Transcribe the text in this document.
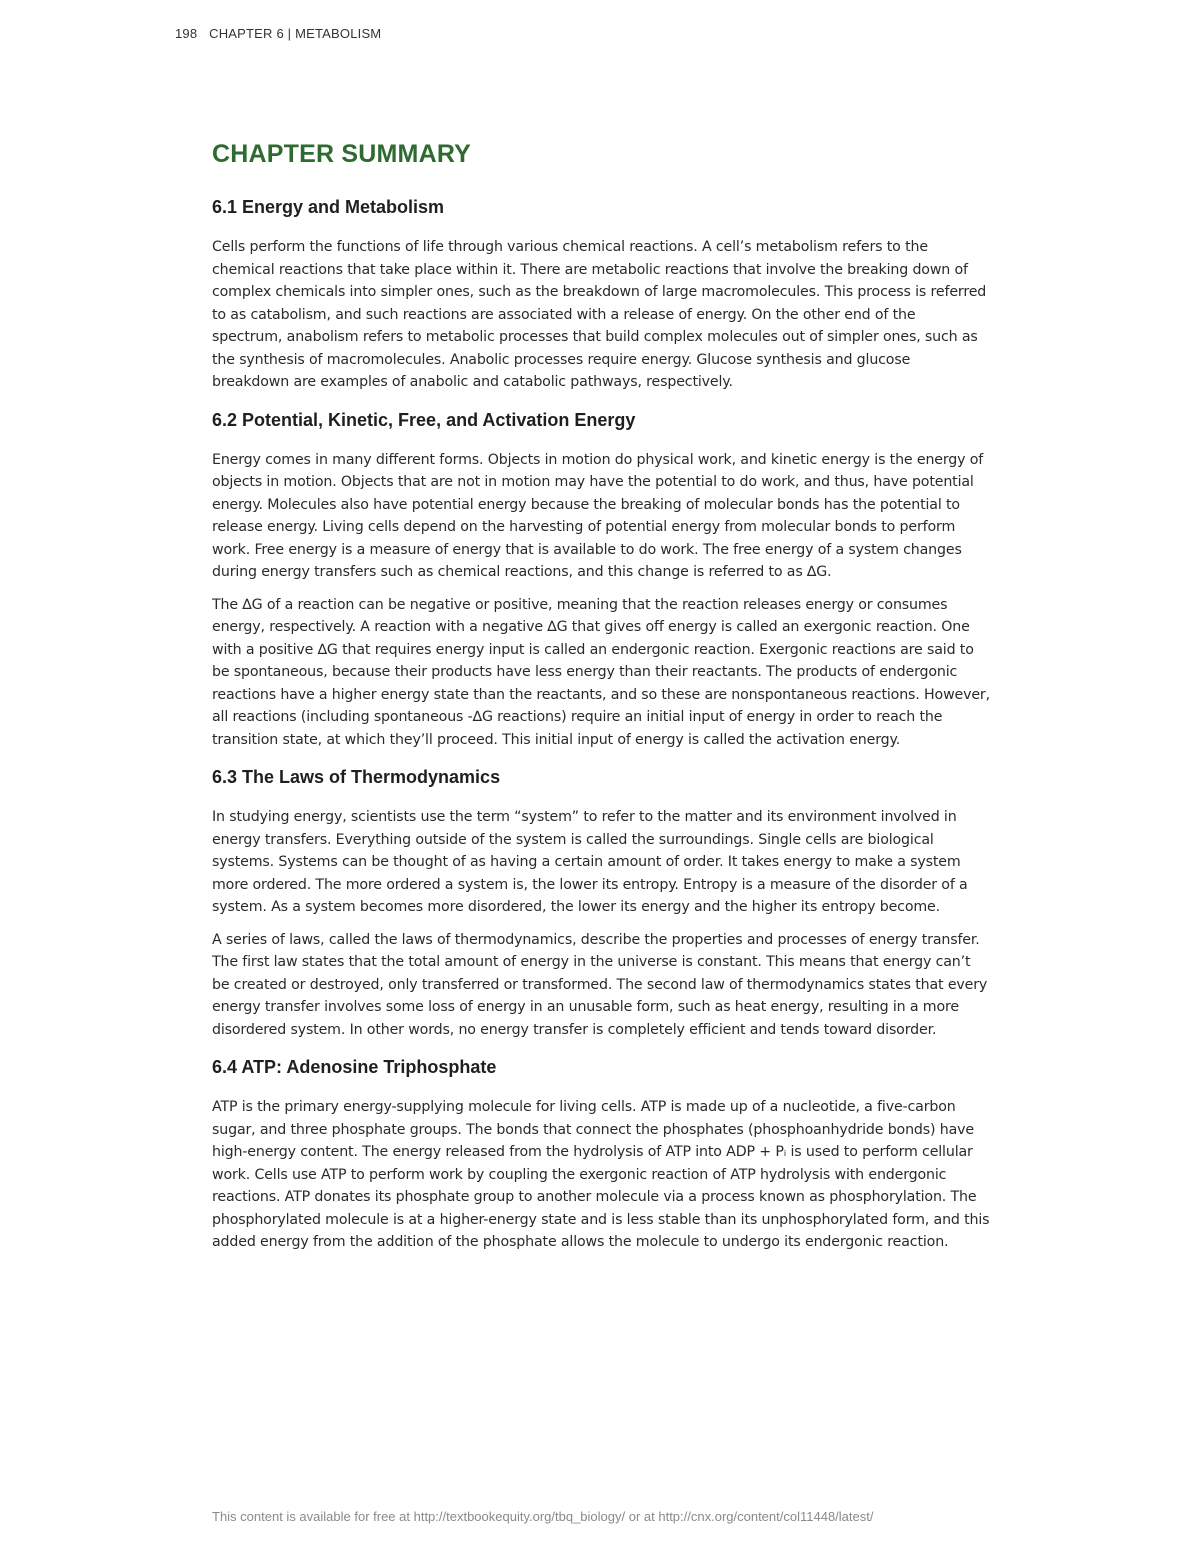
198 CHAPTER 6 | METABOLISM
CHAPTER SUMMARY
6.1 Energy and Metabolism

Cells perform the functions of life through various chemical reactions. A cell’s metabolism refers to the chemical reactions that take place within it. There are metabolic reactions that involve the breaking down of complex chemicals into simpler ones, such as the breakdown of large macromolecules. This process is referred to as catabolism, and such reactions are associated with a release of energy. On the other end of the spectrum, anabolism refers to metabolic processes that build complex molecules out of simpler ones, such as the synthesis of macromolecules. Anabolic processes require energy. Glucose synthesis and glucose breakdown are examples of anabolic and catabolic pathways, respectively.

6.2 Potential, Kinetic, Free, and Activation Energy

Energy comes in many different forms. Objects in motion do physical work, and kinetic energy is the energy of objects in motion. Objects that are not in motion may have the potential to do work, and thus, have potential energy. Molecules also have potential energy because the breaking of molecular bonds has the potential to release energy. Living cells depend on the harvesting of potential energy from molecular bonds to perform work. Free energy is a measure of energy that is available to do work. The free energy of a system changes during energy transfers such as chemical reactions, and this change is referred to as ∆G.

The ∆G of a reaction can be negative or positive, meaning that the reaction releases energy or consumes energy, respectively. A reaction with a negative ∆G that gives off energy is called an exergonic reaction. One with a positive ∆G that requires energy input is called an endergonic reaction. Exergonic reactions are said to be spontaneous, because their products have less energy than their reactants. The products of endergonic reactions have a higher energy state than the reactants, and so these are nonspontaneous reactions. However, all reactions (including spontaneous -∆G reactions) require an initial input of energy in order to reach the transition state, at which they’ll proceed. This initial input of energy is called the activation energy.

6.3 The Laws of Thermodynamics

In studying energy, scientists use the term “system” to refer to the matter and its environment involved in energy transfers. Everything outside of the system is called the surroundings. Single cells are biological systems. Systems can be thought of as having a certain amount of order. It takes energy to make a system more ordered. The more ordered a system is, the lower its entropy. Entropy is a measure of the disorder of a system. As a system becomes more disordered, the lower its energy and the higher its entropy become.

A series of laws, called the laws of thermodynamics, describe the properties and processes of energy transfer. The first law states that the total amount of energy in the universe is constant. This means that energy can’t be created or destroyed, only transferred or transformed. The second law of thermodynamics states that every energy transfer involves some loss of energy in an unusable form, such as heat energy, resulting in a more disordered system. In other words, no energy transfer is completely efficient and tends toward disorder.

6.4 ATP: Adenosine Triphosphate

ATP is the primary energy-supplying molecule for living cells. ATP is made up of a nucleotide, a five-carbon sugar, and three phosphate groups. The bonds that connect the phosphates (phosphoanhydride bonds) have high-energy content. The energy released from the hydrolysis of ATP into ADP + Pᵢ is used to perform cellular work. Cells use ATP to perform work by coupling the exergonic reaction of ATP hydrolysis with endergonic reactions. ATP donates its phosphate group to another molecule via a process known as phosphorylation. The phosphorylated molecule is at a higher-energy state and is less stable than its unphosphorylated form, and this added energy from the addition of the phosphate allows the molecule to undergo its endergonic reaction.

This content is available for free at http://textbookequity.org/tbq_biology/ or at http://cnx.org/content/col11448/latest/
